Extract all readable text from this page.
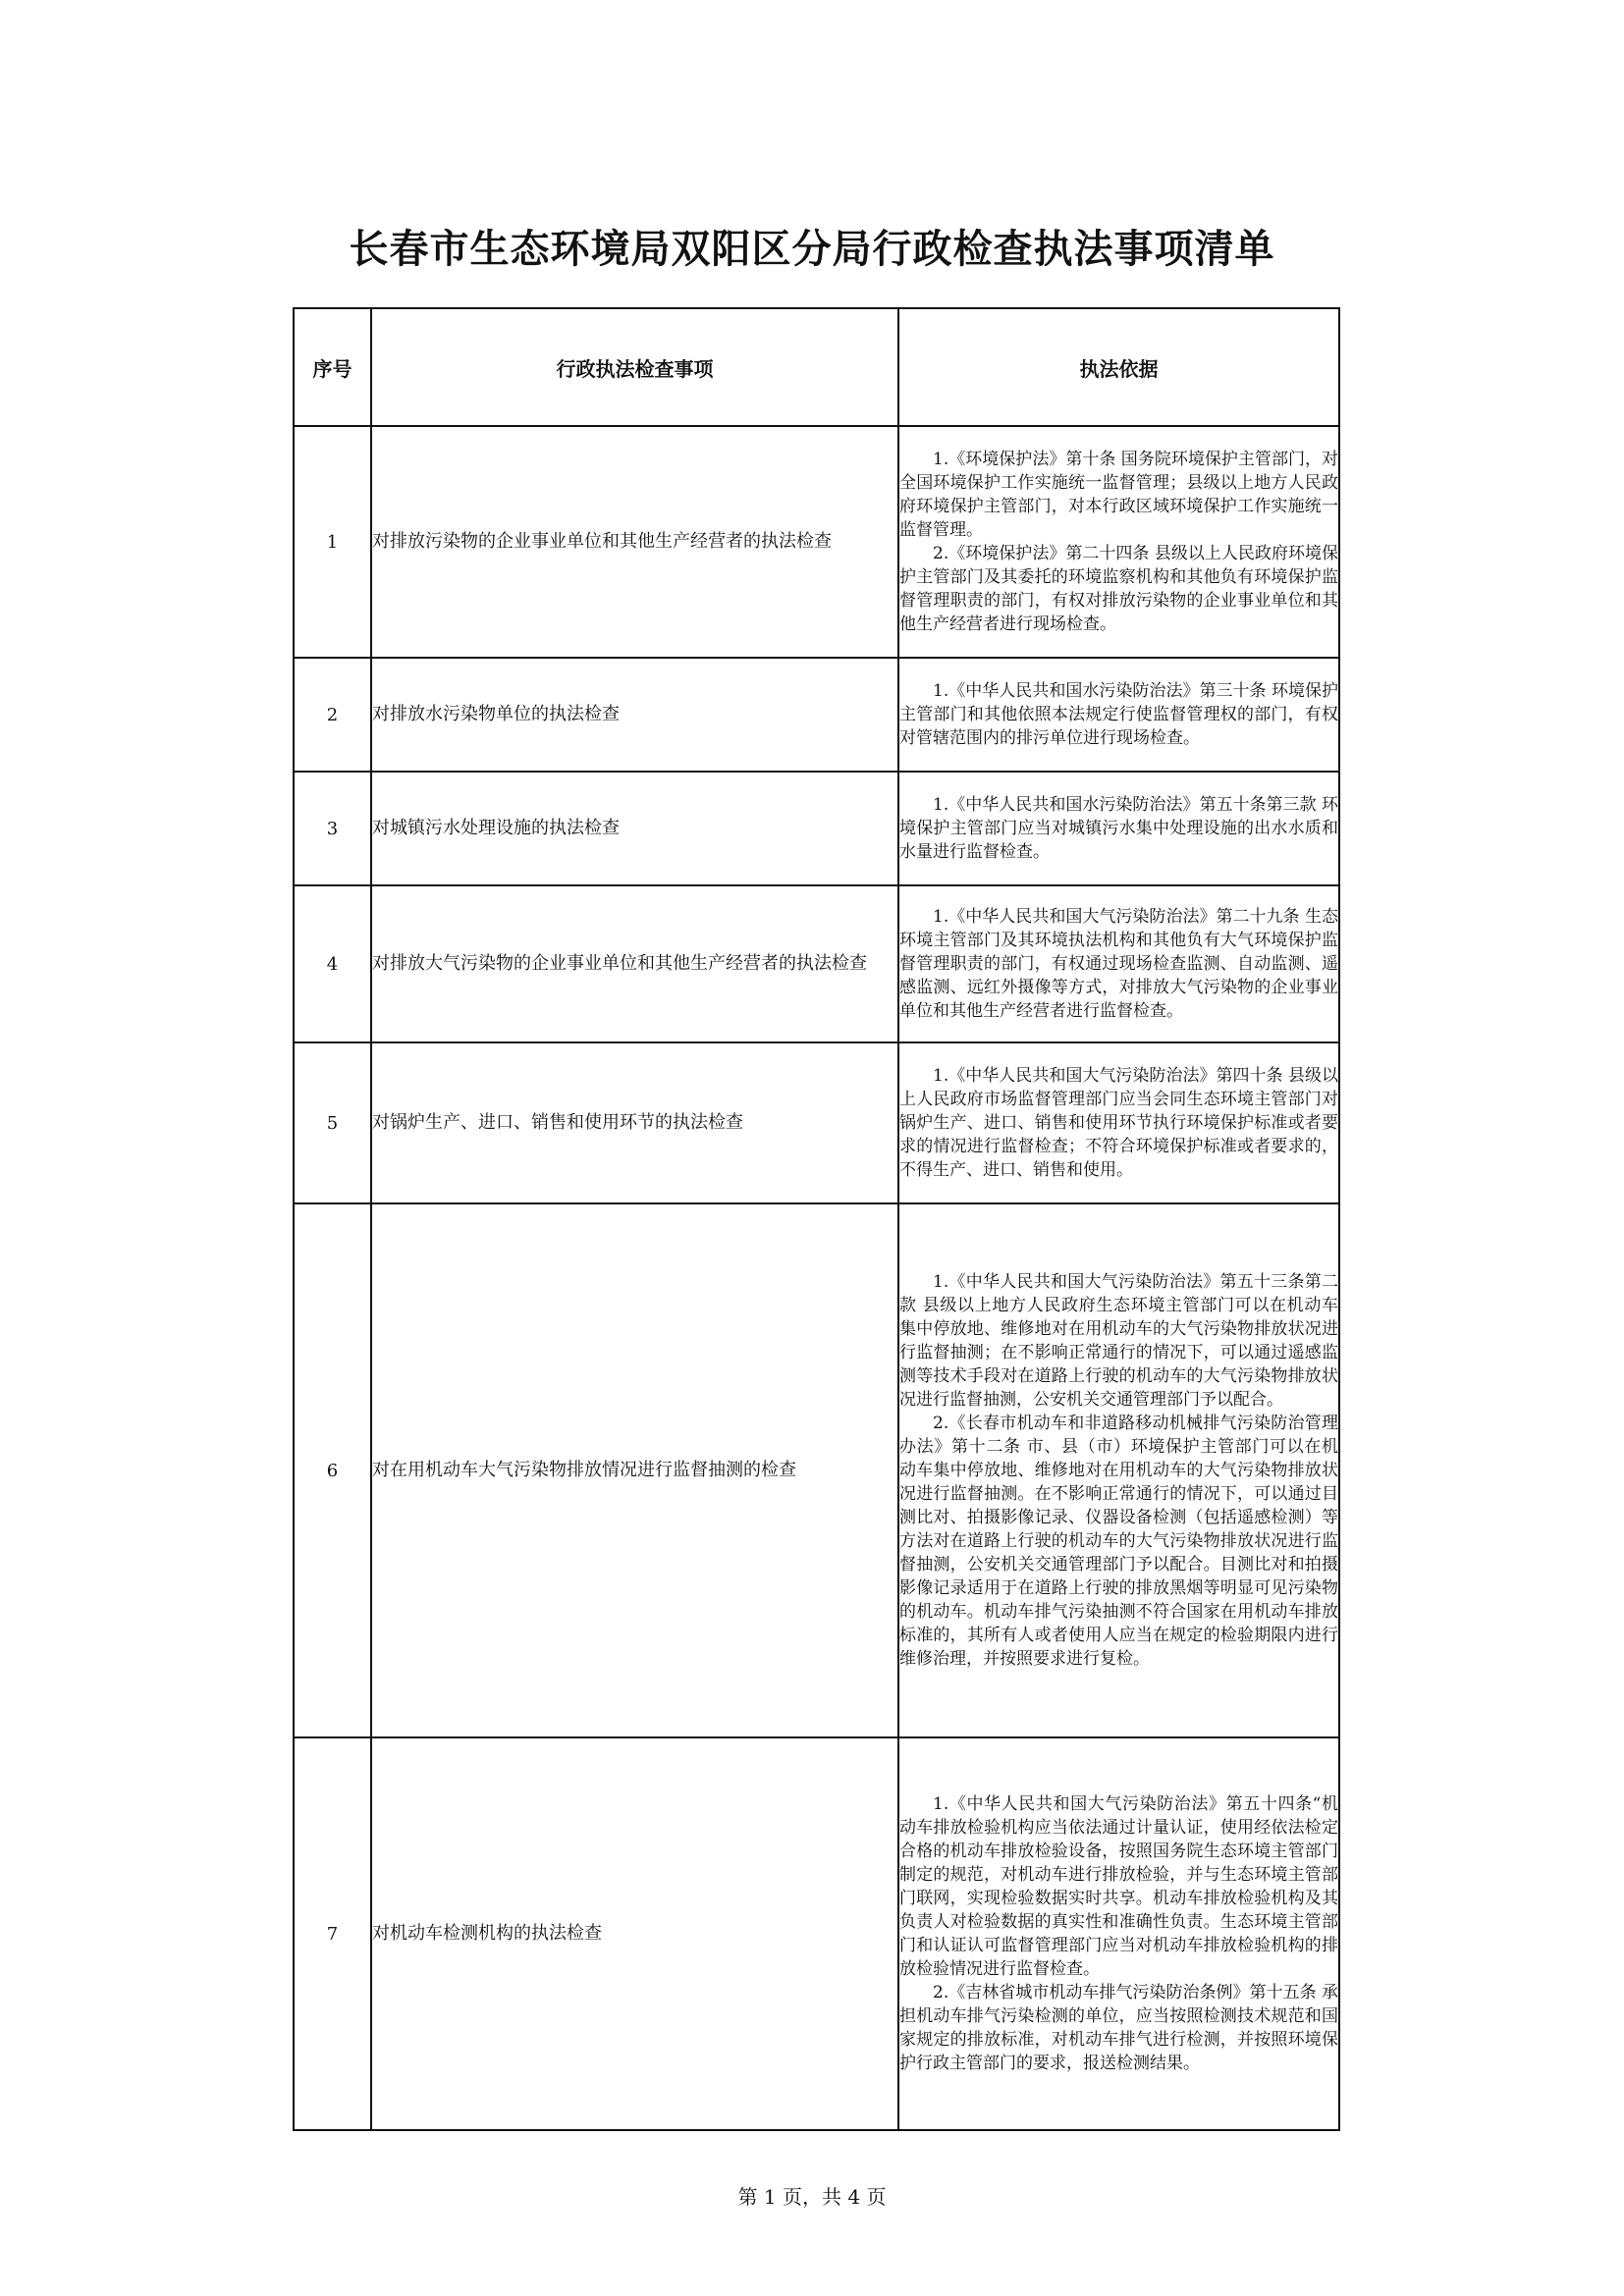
长春市生态环境局双阳区分局行政检查执法事项清单
序号	行政执法检查事项	执法依据
1	对排放污染物的企业事业单位和其他生产经营者的执法检查	1.《环境保护法》第十条 国务院环境保护主管部门，对全国环境保护工作实施统一监督管理；县级以上地方人民政府环境保护主管部门，对本行政区域环境保护工作实施统一监督管理。

2.《环境保护法》第二十四条 县级以上人民政府环境保护主管部门及其委托的环境监察机构和其他负有环境保护监督管理职责的部门，有权对排放污染物的企业事业单位和其他生产经营者进行现场检查。

2	对排放水污染物单位的执法检查	1.《中华人民共和国水污染防治法》第三十条 环境保护主管部门和其他依照本法规定行使监督管理权的部门，有权对管辖范围内的排污单位进行现场检查。

3	对城镇污水处理设施的执法检查	1.《中华人民共和国水污染防治法》第五十条第三款 环境保护主管部门应当对城镇污水集中处理设施的出水水质和水量进行监督检查。

4	对排放大气污染物的企业事业单位和其他生产经营者的执法检查	1.《中华人民共和国大气污染防治法》第二十九条 生态环境主管部门及其环境执法机构和其他负有大气环境保护监督管理职责的部门，有权通过现场检查监测、自动监测、遥感监测、远红外摄像等方式，对排放大气污染物的企业事业单位和其他生产经营者进行监督检查。

5	对锅炉生产、进口、销售和使用环节的执法检查	1.《中华人民共和国大气污染防治法》第四十条 县级以上人民政府市场监督管理部门应当会同生态环境主管部门对锅炉生产、进口、销售和使用环节执行环境保护标准或者要求的情况进行监督检查；不符合环境保护标准或者要求的，不得生产、进口、销售和使用。

6	对在用机动车大气污染物排放情况进行监督抽测的检查	1.《中华人民共和国大气污染防治法》第五十三条第二款 县级以上地方人民政府生态环境主管部门可以在机动车集中停放地、维修地对在用机动车的大气污染物排放状况进行监督抽测；在不影响正常通行的情况下，可以通过遥感监测等技术手段对在道路上行驶的机动车的大气污染物排放状况进行监督抽测，公安机关交通管理部门予以配合。

2.《长春市机动车和非道路移动机械排气污染防治管理办法》第十二条 市、县（市）环境保护主管部门可以在机动车集中停放地、维修地对在用机动车的大气污染物排放状况进行监督抽测。在不影响正常通行的情况下，可以通过目测比对、拍摄影像记录、仪器设备检测（包括遥感检测）等方法对在道路上行驶的机动车的大气污染物排放状况进行监督抽测，公安机关交通管理部门予以配合。目测比对和拍摄影像记录适用于在道路上行驶的排放黑烟等明显可见污染物的机动车。机动车排气污染抽测不符合国家在用机动车排放标准的，其所有人或者使用人应当在规定的检验期限内进行维修治理，并按照要求进行复检。

7	对机动车检测机构的执法检查	1.《中华人民共和国大气污染防治法》第五十四条“机动车排放检验机构应当依法通过计量认证，使用经依法检定合格的机动车排放检验设备，按照国务院生态环境主管部门制定的规范，对机动车进行排放检验，并与生态环境主管部门联网，实现检验数据实时共享。机动车排放检验机构及其负责人对检验数据的真实性和准确性负责。生态环境主管部门和认证认可监督管理部门应当对机动车排放检验机构的排放检验情况进行监督检查。

2.《吉林省城市机动车排气污染防治条例》第十五条 承担机动车排气污染检测的单位，应当按照检测技术规范和国家规定的排放标准，对机动车排气进行检测，并按照环境保护行政主管部门的要求，报送检测结果。

第 1 页，共 4 页
